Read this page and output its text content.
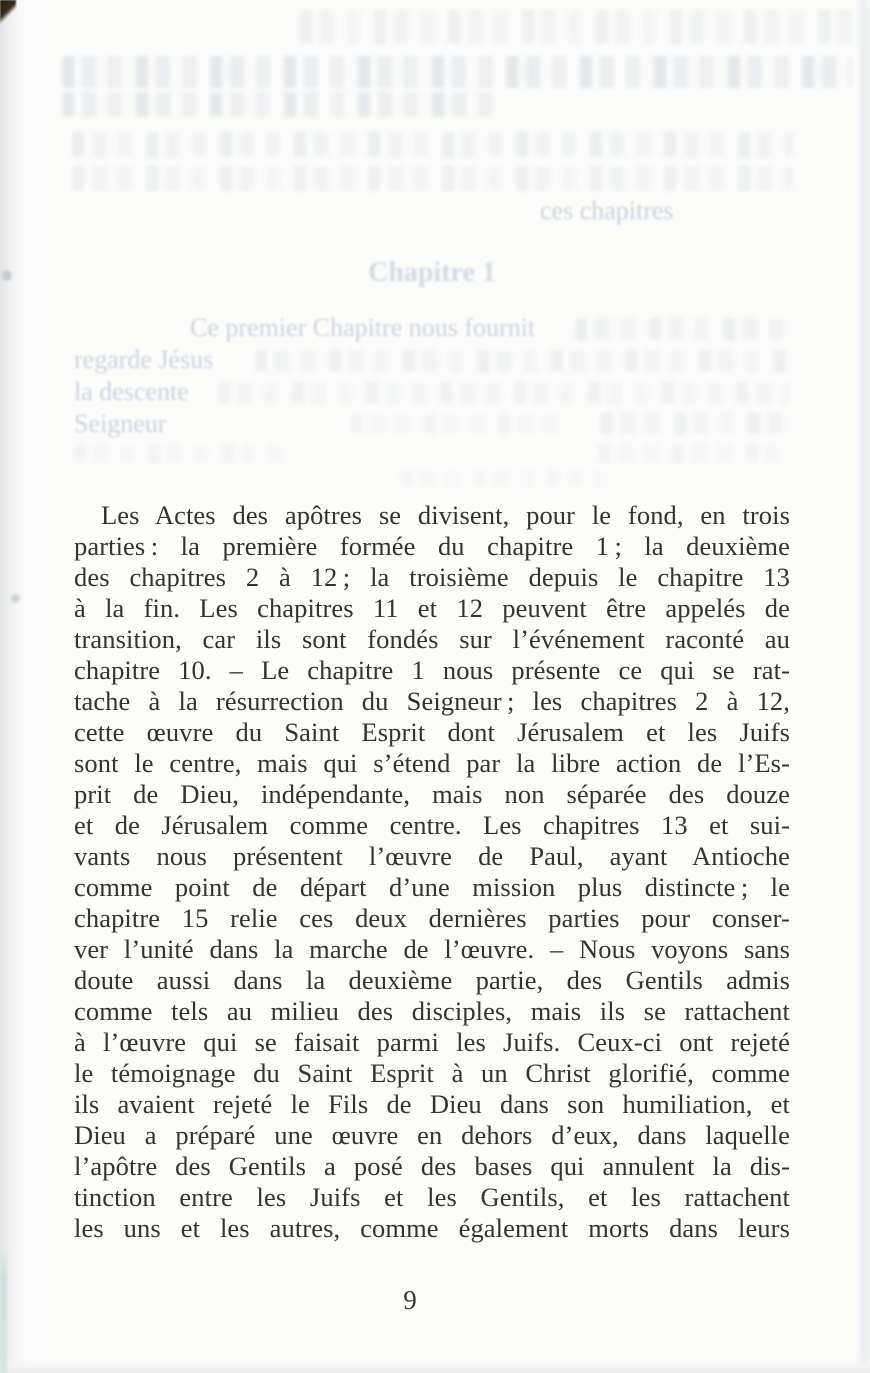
ces chapitres
Chapitre 1
Ce premier Chapitre nous fournit
regarde Jésus
la descente
Seigneur
Les Actes des apôtres se divisent, pour le fond, en trois
parties : la première formée du chapitre 1 ; la deuxième
des chapitres 2 à 12 ; la troisième depuis le chapitre 13
à la fin. Les chapitres 11 et 12 peuvent être appelés de
transition, car ils sont fondés sur l’événement raconté au
chapitre 10. – Le chapitre 1 nous présente ce qui se rat-
tache à la résurrection du Seigneur ; les chapitres 2 à 12,
cette œuvre du Saint Esprit dont Jérusalem et les Juifs
sont le centre, mais qui s’étend par la libre action de l’Es-
prit de Dieu, indépendante, mais non séparée des douze
et de Jérusalem comme centre. Les chapitres 13 et sui-
vants nous présentent l’œuvre de Paul, ayant Antioche
comme point de départ d’une mission plus distincte ; le
chapitre 15 relie ces deux dernières parties pour conser-
ver l’unité dans la marche de l’œuvre. – Nous voyons sans
doute aussi dans la deuxième partie, des Gentils admis
comme tels au milieu des disciples, mais ils se rattachent
à l’œuvre qui se faisait parmi les Juifs. Ceux-ci ont rejeté
le témoignage du Saint Esprit à un Christ glorifié, comme
ils avaient rejeté le Fils de Dieu dans son humiliation, et
Dieu a préparé une œuvre en dehors d’eux, dans laquelle
l’apôtre des Gentils a posé des bases qui annulent la dis-
tinction entre les Juifs et les Gentils, et les rattachent
les uns et les autres, comme également morts dans leurs
9
